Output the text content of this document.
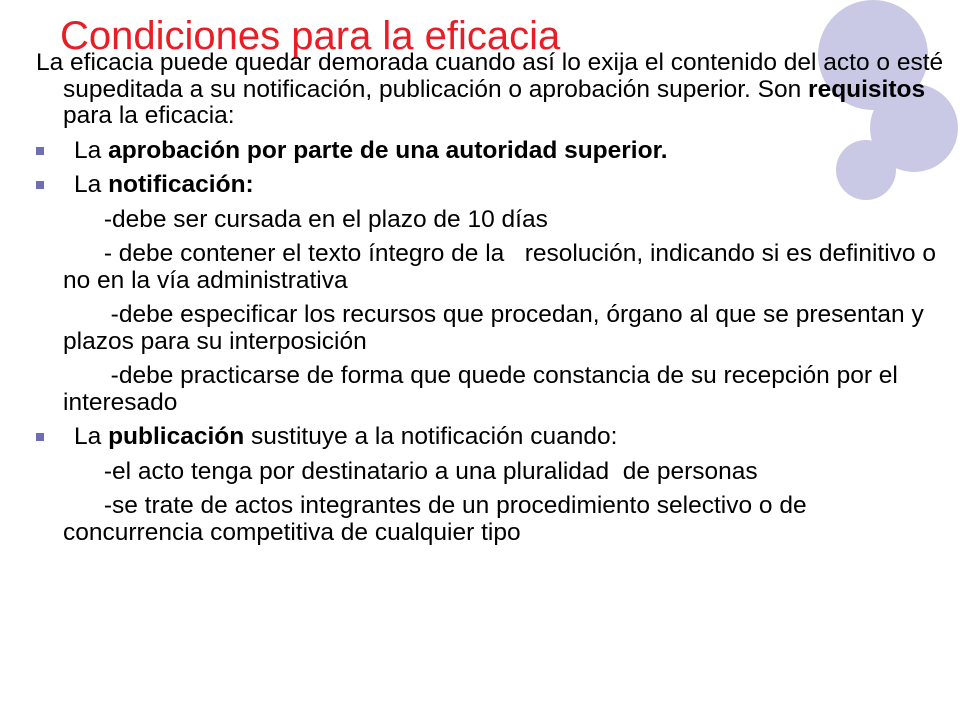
Condiciones para la eficacia

La eficacia puede quedar demorada cuando así lo exija el contenido del acto o esté supeditada a su notificación, publicación o aprobación superior. Son requisitos para la eficacia:

La aprobación por parte de una autoridad superior.
La notificación:

-debe ser cursada en el plazo de 10 días

- debe contener el texto íntegro de la   resolución, indicando si es definitivo o no en la vía administrativa

-debe especificar los recursos que procedan, órgano al que se presentan y plazos para su interposición

-debe practicarse de forma que quede constancia de su recepción por el interesado

La publicación sustituye a la notificación cuando:

-el acto tenga por destinatario a una pluralidad  de personas

-se trate de actos integrantes de un procedimiento selectivo o de concurrencia competitiva de cualquier tipo
